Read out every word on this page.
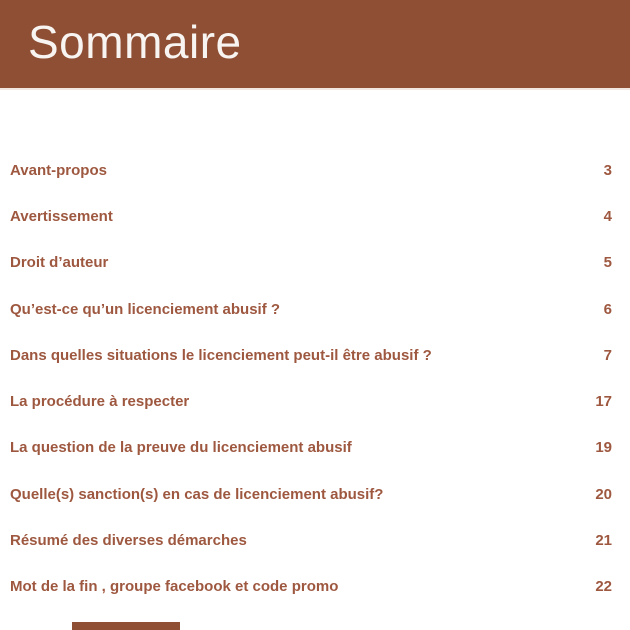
Sommaire
Avant-propos	3
Avertissement	4
Droit d’auteur	5
Qu’est-ce qu’un licenciement abusif ?	6
Dans quelles situations le licenciement peut-il être abusif ?	7
La procédure à respecter	17
La question de la preuve du licenciement abusif	19
Quelle(s) sanction(s) en cas de licenciement abusif?	20
Résumé des diverses démarches	21
Mot de la fin , groupe facebook et code promo	22
